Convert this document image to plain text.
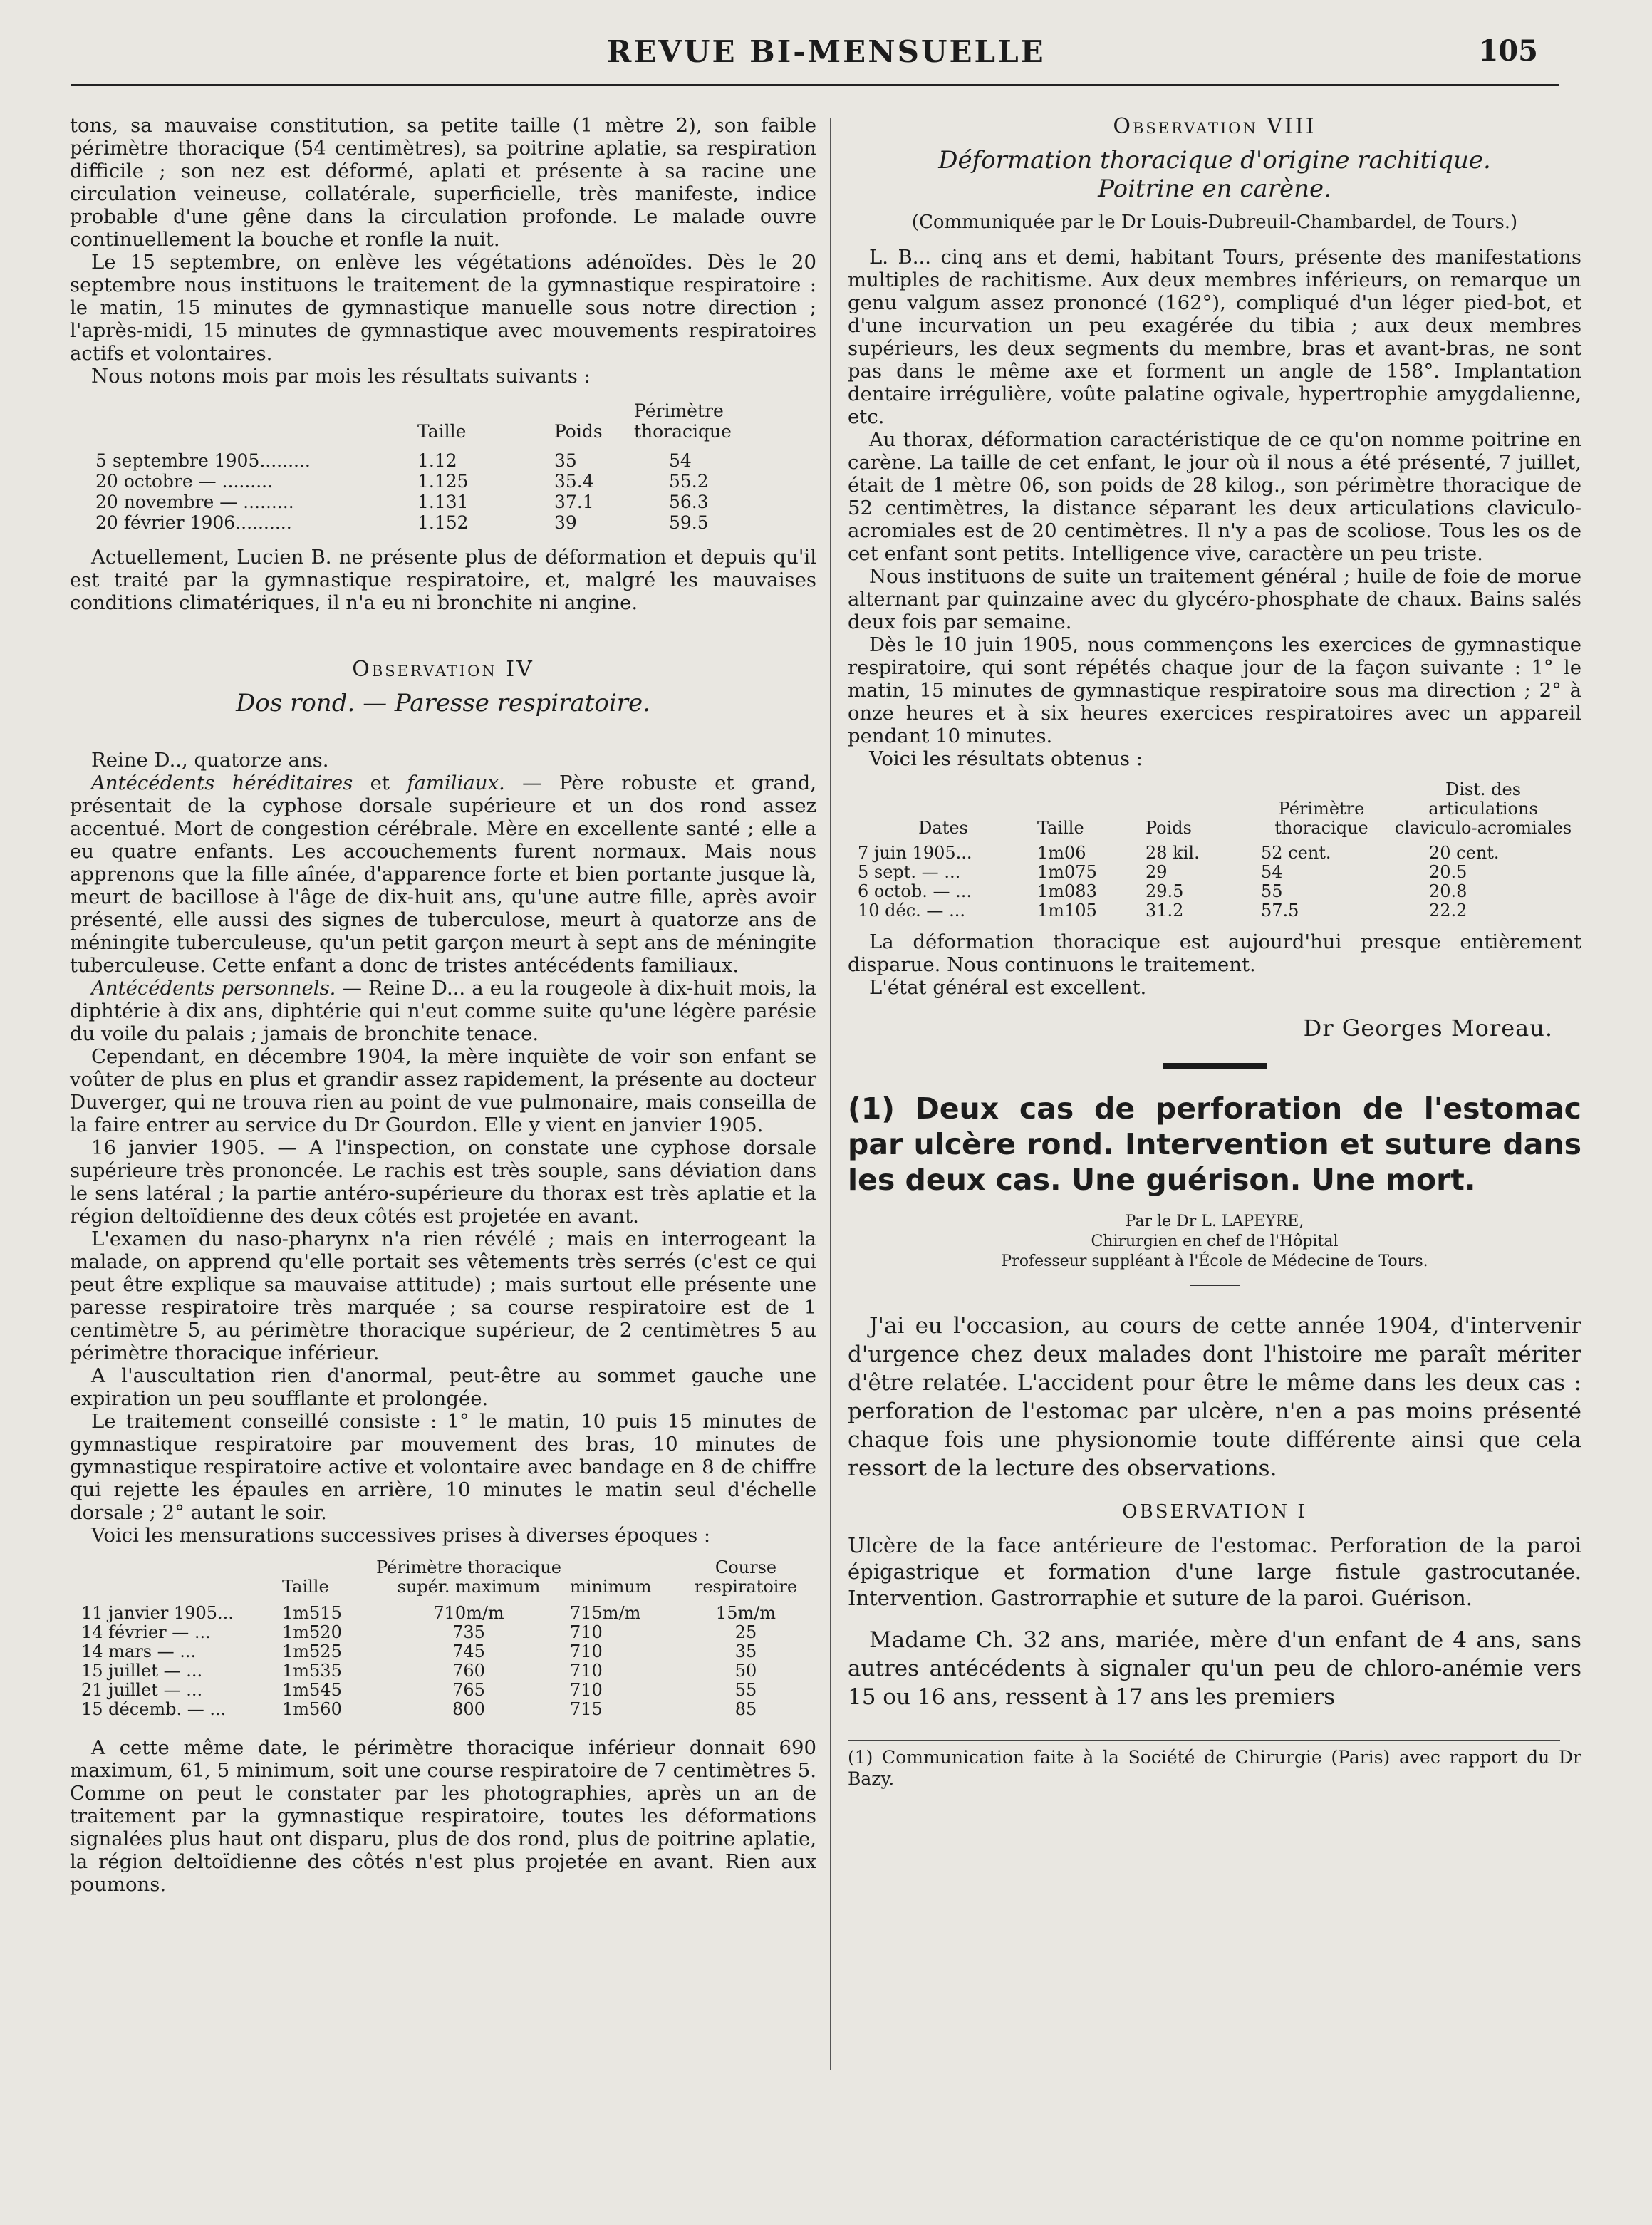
REVUE BI-MENSUELLE	105

tons, sa mauvaise constitution, sa petite taille (1 mètre 2), son faible périmètre thoracique (54 centimètres), sa poitrine aplatie, sa respiration difficile ; son nez est déformé, aplati et présente à sa racine une circulation veineuse, collatérale, superficielle, très manifeste, indice probable d'une gêne dans la circulation profonde. Le malade ouvre continuellement la bouche et ronfle la nuit.

Le 15 septembre, on enlève les végétations adénoïdes. Dès le 20 septembre nous instituons le traitement de la gymnastique respiratoire : le matin, 15 minutes de gymnastique manuelle sous notre direction ; l'après-midi, 15 minutes de gymnastique avec mouvements respiratoires actifs et volontaires.

Nous notons mois par mois les résultats suivants :

	Taille	Poids	Périmètre thoracique

5 septembre 1905.........	1.12	35	54
20 octobre — .........	1.125	35.4	55.2
20 novembre — .........	1.131	37.1	56.3
20 février 1906..........	1.152	39	59.5

Actuellement, Lucien B. ne présente plus de déformation et depuis qu'il est traité par la gymnastique respiratoire, et, malgré les mauvaises conditions climatériques, il n'a eu ni bronchite ni angine.

Observation IV
Dos rond. — Paresse respiratoire.

Reine D.., quatorze ans.

Antécédents héréditaires et familiaux. — Père robuste et grand, présentait de la cyphose dorsale supérieure et un dos rond assez accentué. Mort de congestion cérébrale. Mère en excellente santé ; elle a eu quatre enfants. Les accouchements furent normaux. Mais nous apprenons que la fille aînée, d'apparence forte et bien portante jusque là, meurt de bacillose à l'âge de dix-huit ans, qu'une autre fille, après avoir présenté, elle aussi des signes de tuberculose, meurt à quatorze ans de méningite tuberculeuse, qu'un petit garçon meurt à sept ans de méningite tuberculeuse. Cette enfant a donc de tristes antécédents familiaux.

Antécédents personnels. — Reine D... a eu la rougeole à dix-huit mois, la diphtérie à dix ans, diphtérie qui n'eut comme suite qu'une légère parésie du voile du palais ; jamais de bronchite tenace.

Cependant, en décembre 1904, la mère inquiète de voir son enfant se voûter de plus en plus et grandir assez rapidement, la présente au docteur Duverger, qui ne trouva rien au point de vue pulmonaire, mais conseilla de la faire entrer au service du Dr Gourdon. Elle y vient en janvier 1905.

16 janvier 1905. — A l'inspection, on constate une cyphose dorsale supérieure très prononcée. Le rachis est très souple, sans déviation dans le sens latéral ; la partie antéro-supérieure du thorax est très aplatie et la région deltoïdienne des deux côtés est projetée en avant.

L'examen du naso-pharynx n'a rien révélé ; mais en interrogeant la malade, on apprend qu'elle portait ses vêtements très serrés (c'est ce qui peut être explique sa mauvaise attitude) ; mais surtout elle présente une paresse respiratoire très marquée ; sa course respiratoire est de 1 centimètre 5, au périmètre thoracique supérieur, de 2 centimètres 5 au périmètre thoracique inférieur.

A l'auscultation rien d'anormal, peut-être au sommet gauche une expiration un peu soufflante et prolongée.

Le traitement conseillé consiste : 1° le matin, 10 puis 15 minutes de gymnastique respiratoire par mouvement des bras, 10 minutes de gymnastique respiratoire active et volontaire avec bandage en 8 de chiffre qui rejette les épaules en arrière, 10 minutes le matin seul d'échelle dorsale ; 2° autant le soir.

Voici les mensurations successives prises à diverses époques :

	Taille	Périmètre thoracique supér. maximum	minimum	Course respiratoire

11 janvier 1905...	1m515	710m/m	715m/m	15m/m
14 février — ...	1m520	735	710	25
14 mars — ...	1m525	745	710	35
15 juillet — ...	1m535	760	710	50
21 juillet — ...	1m545	765	710	55
15 décemb. — ...	1m560	800	715	85

A cette même date, le périmètre thoracique inférieur donnait 690 maximum, 61, 5 minimum, soit une course respiratoire de 7 centimètres 5. Comme on peut le constater par les photographies, après un an de traitement par la gymnastique respiratoire, toutes les déformations signalées plus haut ont disparu, plus de dos rond, plus de poitrine aplatie, la région deltoïdienne des côtés n'est plus projetée en avant. Rien aux poumons.

Observation VIII
Déformation thoracique d'origine rachitique.
Poitrine en carène.
(Communiquée par le Dr Louis-Dubreuil-Chambardel, de Tours.)

L. B... cinq ans et demi, habitant Tours, présente des manifestations multiples de rachitisme. Aux deux membres inférieurs, on remarque un genu valgum assez prononcé (162°), compliqué d'un léger pied-bot, et d'une incurvation un peu exagérée du tibia ; aux deux membres supérieurs, les deux segments du membre, bras et avant-bras, ne sont pas dans le même axe et forment un angle de 158°. Implantation dentaire irrégulière, voûte palatine ogivale, hypertrophie amygdalienne, etc.

Au thorax, déformation caractéristique de ce qu'on nomme poitrine en carène. La taille de cet enfant, le jour où il nous a été présenté, 7 juillet, était de 1 mètre 06, son poids de 28 kilog., son périmètre thoracique de 52 centimètres, la distance séparant les deux articulations claviculo-acromiales est de 20 centimètres. Il n'y a pas de scoliose. Tous les os de cet enfant sont petits. Intelligence vive, caractère un peu triste.

Nous instituons de suite un traitement général ; huile de foie de morue alternant par quinzaine avec du glycéro-phosphate de chaux. Bains salés deux fois par semaine.

Dès le 10 juin 1905, nous commençons les exercices de gymnastique respiratoire, qui sont répétés chaque jour de la façon suivante : 1° le matin, 15 minutes de gymnastique respiratoire sous ma direction ; 2° à onze heures et à six heures exercices respiratoires avec un appareil pendant 10 minutes.

Voici les résultats obtenus :

Dates	Taille	Poids	Périmètre thoracique	Dist. des articulations claviculo-acromiales

7 juin 1905...	1m06	28 kil.	52 cent.	20 cent.
5 sept. — ...	1m075	29	54	20.5
6 octob. — ...	1m083	29.5	55	20.8
10 déc. — ...	1m105	31.2	57.5	22.2

La déformation thoracique est aujourd'hui presque entièrement disparue. Nous continuons le traitement.

L'état général est excellent.

Dr Georges Moreau.
(1) Deux cas de perforation de l'estomac par ulcère rond. Intervention et suture dans les deux cas. Une guérison. Une mort.
Par le Dr L. LAPEYRE,
Chirurgien en chef de l'Hôpital
Professeur suppléant à l'École de Médecine de Tours.

J'ai eu l'occasion, au cours de cette année 1904, d'intervenir d'urgence chez deux malades dont l'histoire me paraît mériter d'être relatée. L'accident pour être le même dans les deux cas : perforation de l'estomac par ulcère, n'en a pas moins présenté chaque fois une physionomie toute différente ainsi que cela ressort de la lecture des observations.

OBSERVATION I

Ulcère de la face antérieure de l'estomac. Perforation de la paroi épigastrique et formation d'une large fistule gastrocutanée. Intervention. Gastrorraphie et suture de la paroi. Guérison.

Madame Ch. 32 ans, mariée, mère d'un enfant de 4 ans, sans autres antécédents à signaler qu'un peu de chloro-anémie vers 15 ou 16 ans, ressent à 17 ans les premiers

(1) Communication faite à la Société de Chirurgie (Paris) avec rapport du Dr Bazy.
